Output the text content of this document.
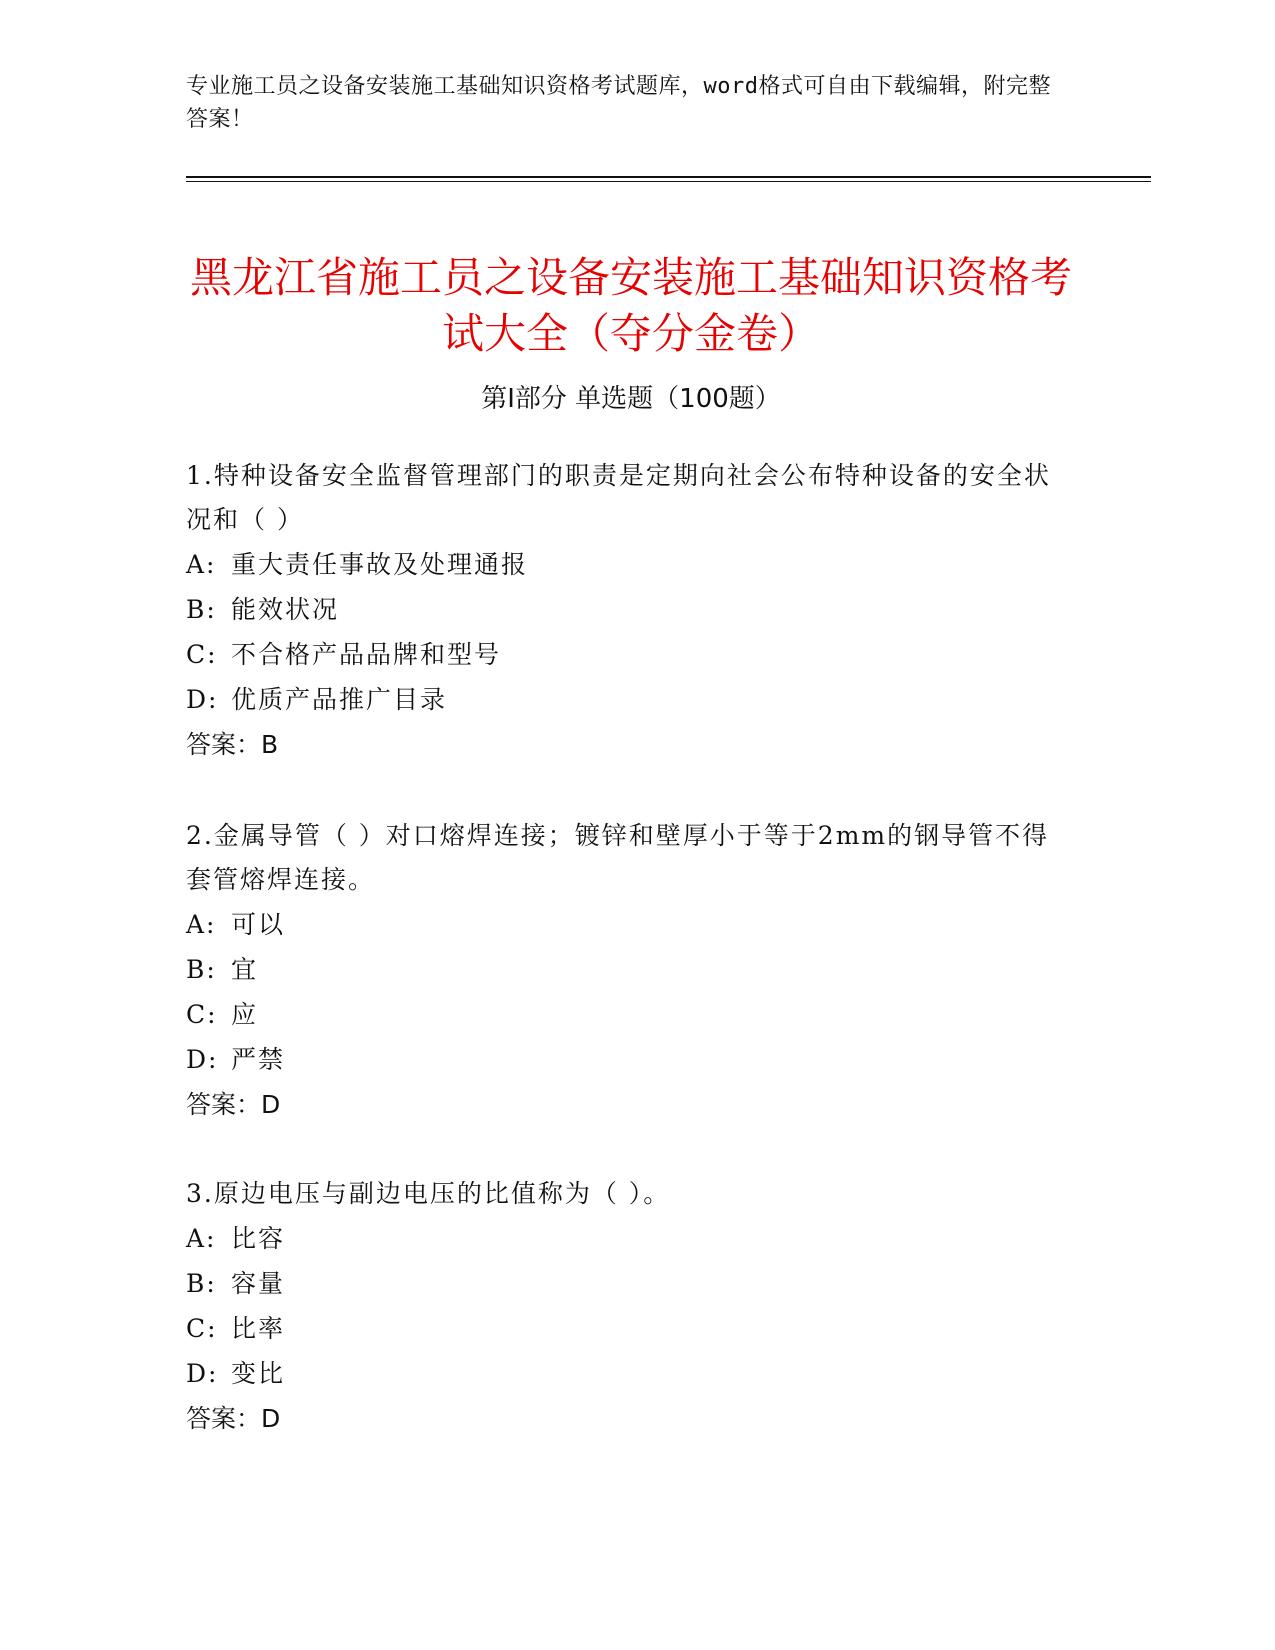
专业施工员之设备安装施工基础知识资格考试题库，word格式可自由下载编辑，附完整答案！
黑龙江省施工员之设备安装施工基础知识资格考试大全（夺分金卷）
第Ⅰ部分 单选题（100题）

1.特种设备安全监督管理部门的职责是定期向社会公布特种设备的安全状况和（ ）

A: 重大责任事故及处理通报
B: 能效状况
C: 不合格产品品牌和型号
D: 优质产品推广目录
答案：B

2.金属导管（ ）对口熔焊连接；镀锌和壁厚小于等于2mm的钢导管不得套管熔焊连接。

A: 可以
B: 宜
C: 应
D: 严禁
答案：D

3.原边电压与副边电压的比值称为（ ）。

A: 比容
B: 容量
C: 比率
D: 变比
答案：D
